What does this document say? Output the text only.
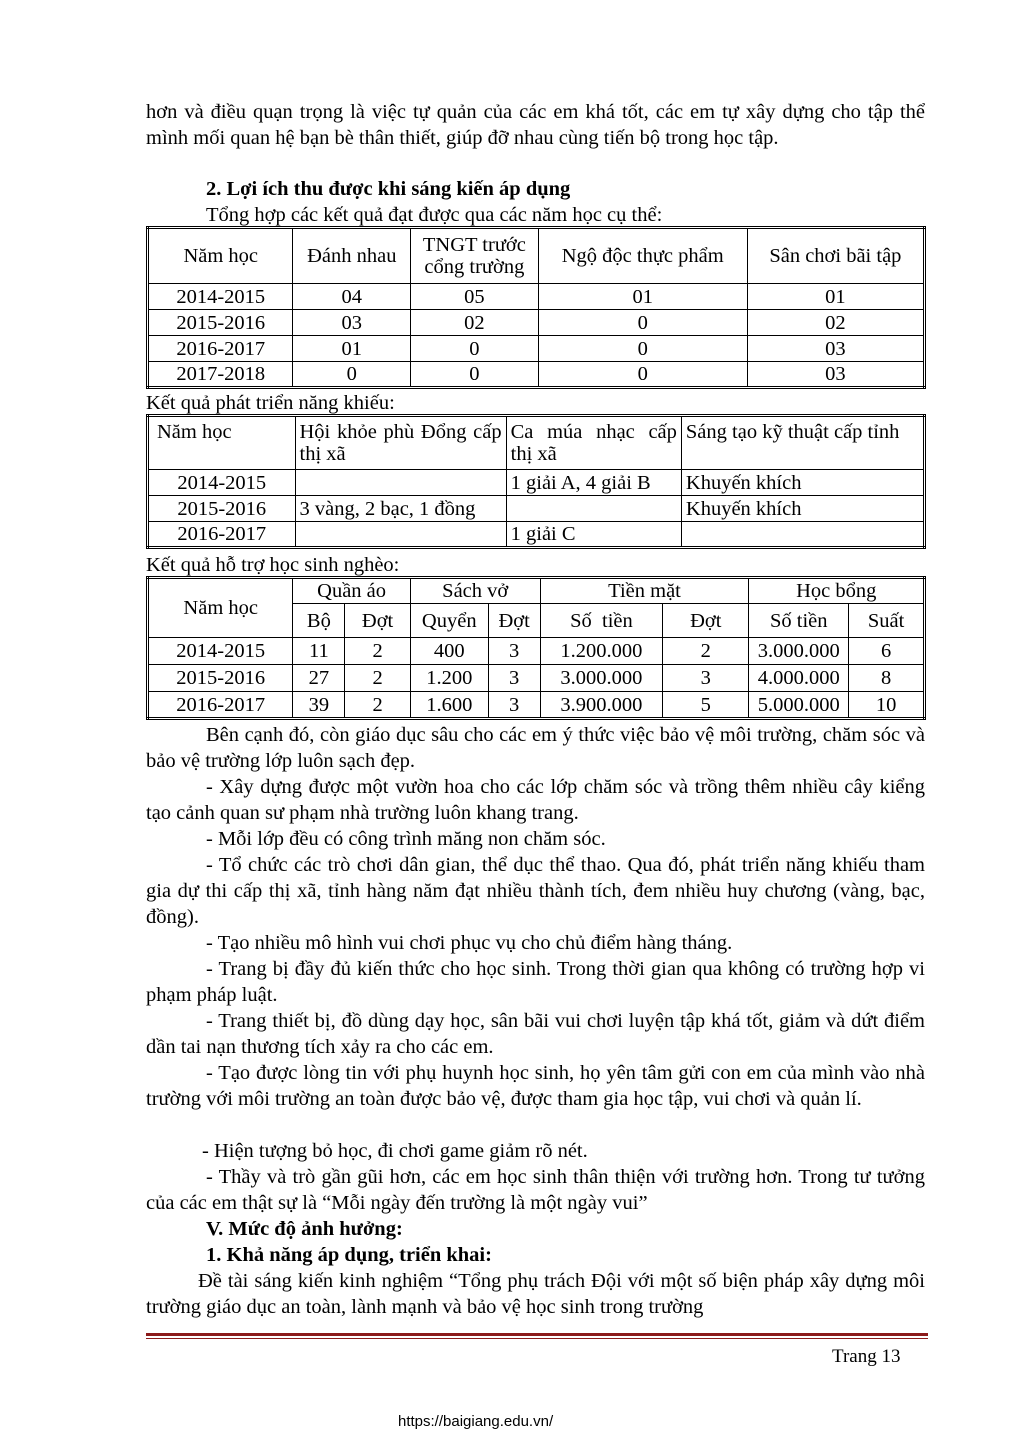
hơn và điều quạn trọng là việc tự quản của các em khá tốt, các em tự xây dựng cho tập thể mình mối quan hệ bạn bè thân thiết, giúp đỡ nhau cùng tiến bộ trong học tập.

2. Lợi ích thu được khi sáng kiến áp dụng

Tổng hợp các kết quả đạt được qua các năm học cụ thể:

Năm học	Đánh nhau	TNGT trước cổng trường	Ngộ độc thực phẩm	Sân chơi bãi tập
2014-2015	04	05	01	01
2015-2016	03	02	0	02
2016-2017	01	0	0	03
2017-2018	0	0	0	03

Kết quả phát triển năng khiếu:

Năm học	Hội khỏe phù Đổng cấp thị xã	Ca múa nhạc cấp thị xã	Sáng tạo kỹ thuật cấp tỉnh
2014-2015		1 giải A, 4 giải B	Khuyến khích
2015-2016	3 vàng, 2 bạc, 1 đồng		Khuyến khích
2016-2017		1 giải C	

Kết quả hỗ trợ học sinh nghèo:

Năm học	Quần áo		Sách vở		Tiền mặt		Học bổng	
	Bộ	Đợt	Quyển	Đợt	Số  tiền	Đợt	Số tiền	Suất
2014-2015	11	2	400	3	1.200.000	2	3.000.000	6
2015-2016	27	2	1.200	3	3.000.000	3	4.000.000	8
2016-2017	39	2	1.600	3	3.900.000	5	5.000.000	10

Bên cạnh đó, còn giáo dục sâu cho các em ý thức việc bảo vệ môi trường, chăm sóc và bảo vệ trường lớp luôn sạch đẹp.

- Xây dựng được một vườn hoa cho các lớp chăm sóc và trồng thêm nhiều cây kiểng tạo cảnh quan sư phạm nhà trường luôn khang trang.

- Mỗi lớp đều có công trình măng non chăm sóc.

- Tổ chức các trò chơi dân gian, thể dục thể thao. Qua đó, phát triển năng khiếu tham gia dự thi cấp thị xã, tỉnh hàng năm đạt nhiều thành tích, đem nhiều huy chương (vàng, bạc, đồng).

- Tạo nhiều mô hình vui chơi phục vụ cho chủ điểm hàng tháng.

- Trang bị đầy đủ kiến thức cho học sinh. Trong thời gian qua không có trường hợp vi phạm pháp luật.

- Trang thiết bị, đồ dùng dạy học, sân bãi vui chơi luyện tập khá tốt, giảm và dứt điểm dần tai nạn thương tích xảy ra cho các em.

- Tạo được lòng tin với phụ huynh học sinh, họ yên tâm gửi con em của mình vào nhà trường với môi trường an toàn được bảo vệ, được tham gia học tập, vui chơi và quản lí.

- Hiện tượng bỏ học, đi chơi game giảm rõ nét.

- Thầy và trò gần gũi hơn, các em học sinh thân thiện với trường hơn. Trong tư tưởng của các em thật sự là “Mỗi ngày đến trường là một ngày vui”

V. Mức độ ảnh hưởng:

1. Khả năng áp dụng, triển khai:

Đề tài sáng kiến kinh nghiệm “Tổng phụ trách Đội với một số biện pháp xây dựng môi trường giáo dục an toàn, lành mạnh và bảo vệ học sinh trong trường

Trang 13

https://baigiang.edu.vn/
